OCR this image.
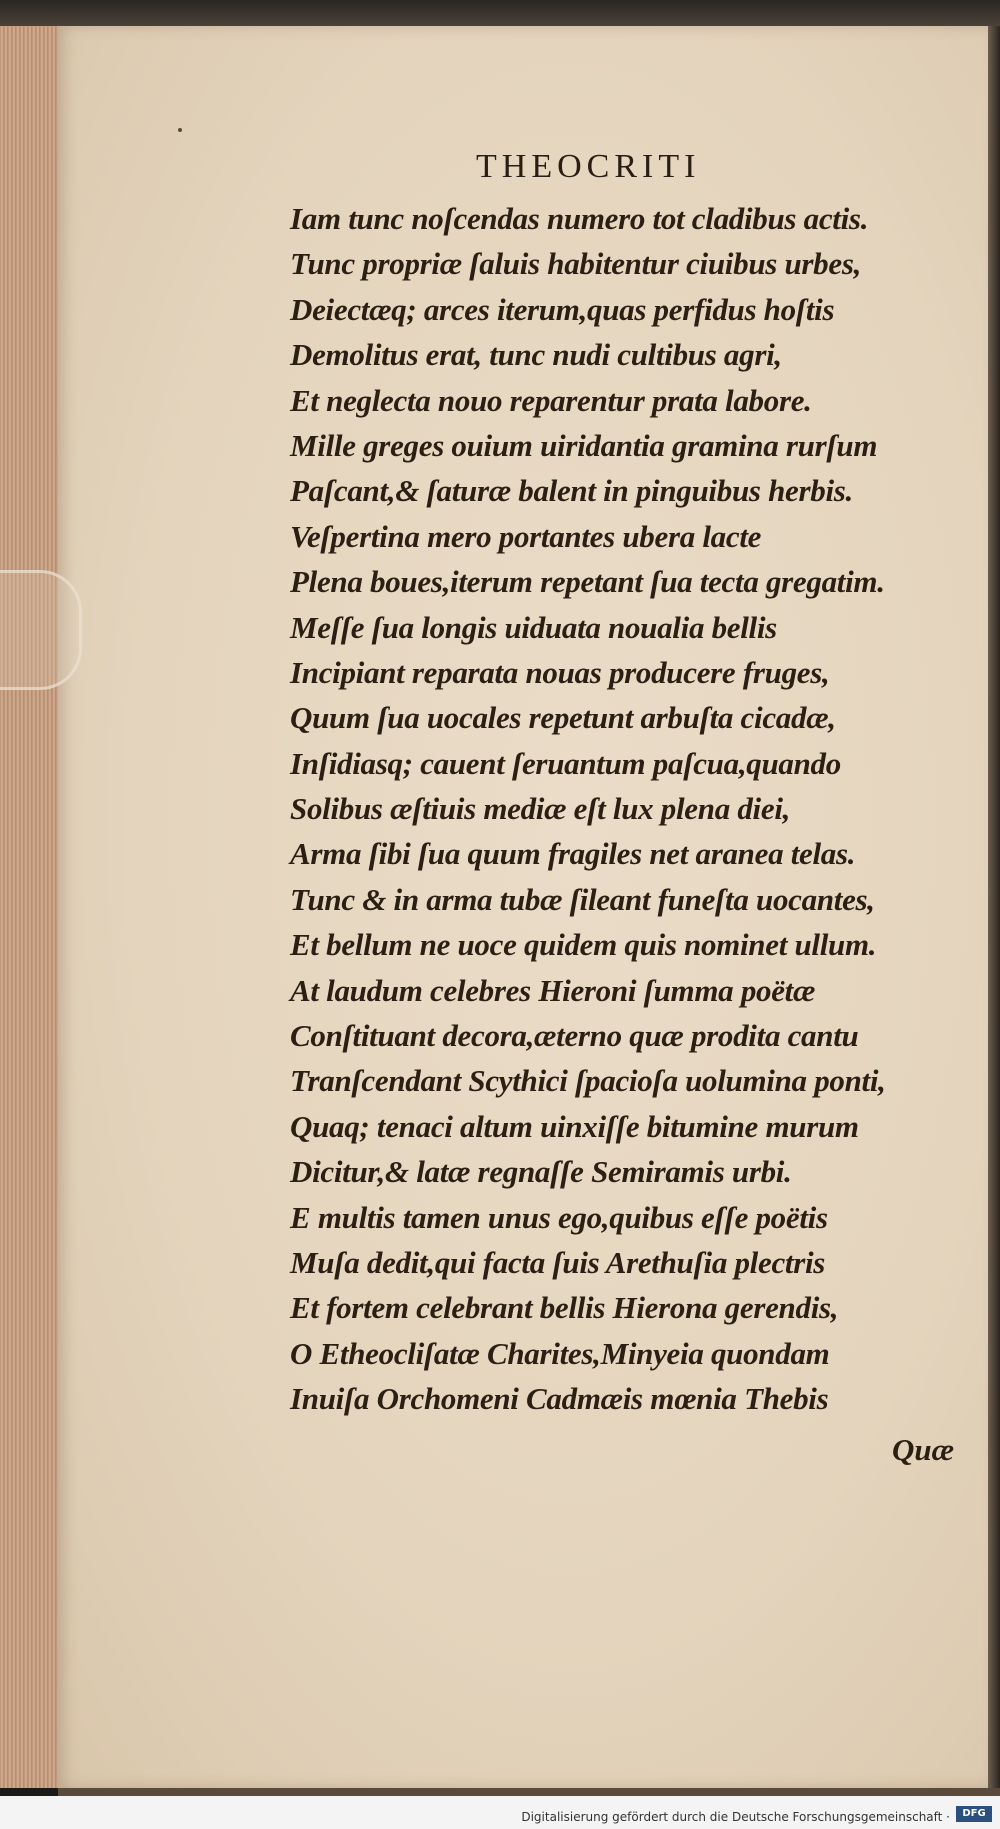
THEOCRITI
Iam tunc noſcendas numero tot cladibus actis.
Tunc propriæ ſaluis habitentur ciuibus urbes,
Deiectæq; arces iterum,quas perfidus hoſtis
Demolitus erat, tunc nudi cultibus agri,
Et neglecta nouo reparentur prata labore.
Mille greges ouium uiridantia gramina rurſum
Paſcant,& ſaturæ balent in pinguibus herbis.
Veſpertina mero portantes ubera lacte
Plena boues,iterum repetant ſua tecta gregatim.
Meſſe ſua longis uiduata noualia bellis
Incipiant reparata nouas producere fruges,
Quum ſua uocales repetunt arbuſta cicadæ,
Inſidiasq; cauent ſeruantum paſcua,quando
Solibus æſtiuis mediæ eſt lux plena diei,
Arma ſibi ſua quum fragiles net aranea telas.
Tunc & in arma tubæ ſileant funeſta uocantes,
Et bellum ne uoce quidem quis nominet ullum.
At laudum celebres Hieroni ſumma poëtæ
Conſtituant decora,æterno quæ prodita cantu
Tranſcendant Scythici ſpacioſa uolumina ponti,
Quaq; tenaci altum uinxiſſe bitumine murum
Dicitur,& latæ regnaſſe Semiramis urbi.
E multis tamen unus ego,quibus eſſe poëtis
Muſa dedit,qui facta ſuis Arethuſia plectris
Et fortem celebrant bellis Hierona gerendis,
O Etheocliſatæ Charites,Minyeia quondam
Inuiſa Orchomeni Cadmæis mœnia Thebis
Quæ
Digitalisierung gefördert durch die Deutsche Forschungsgemeinschaft ·	DFG
